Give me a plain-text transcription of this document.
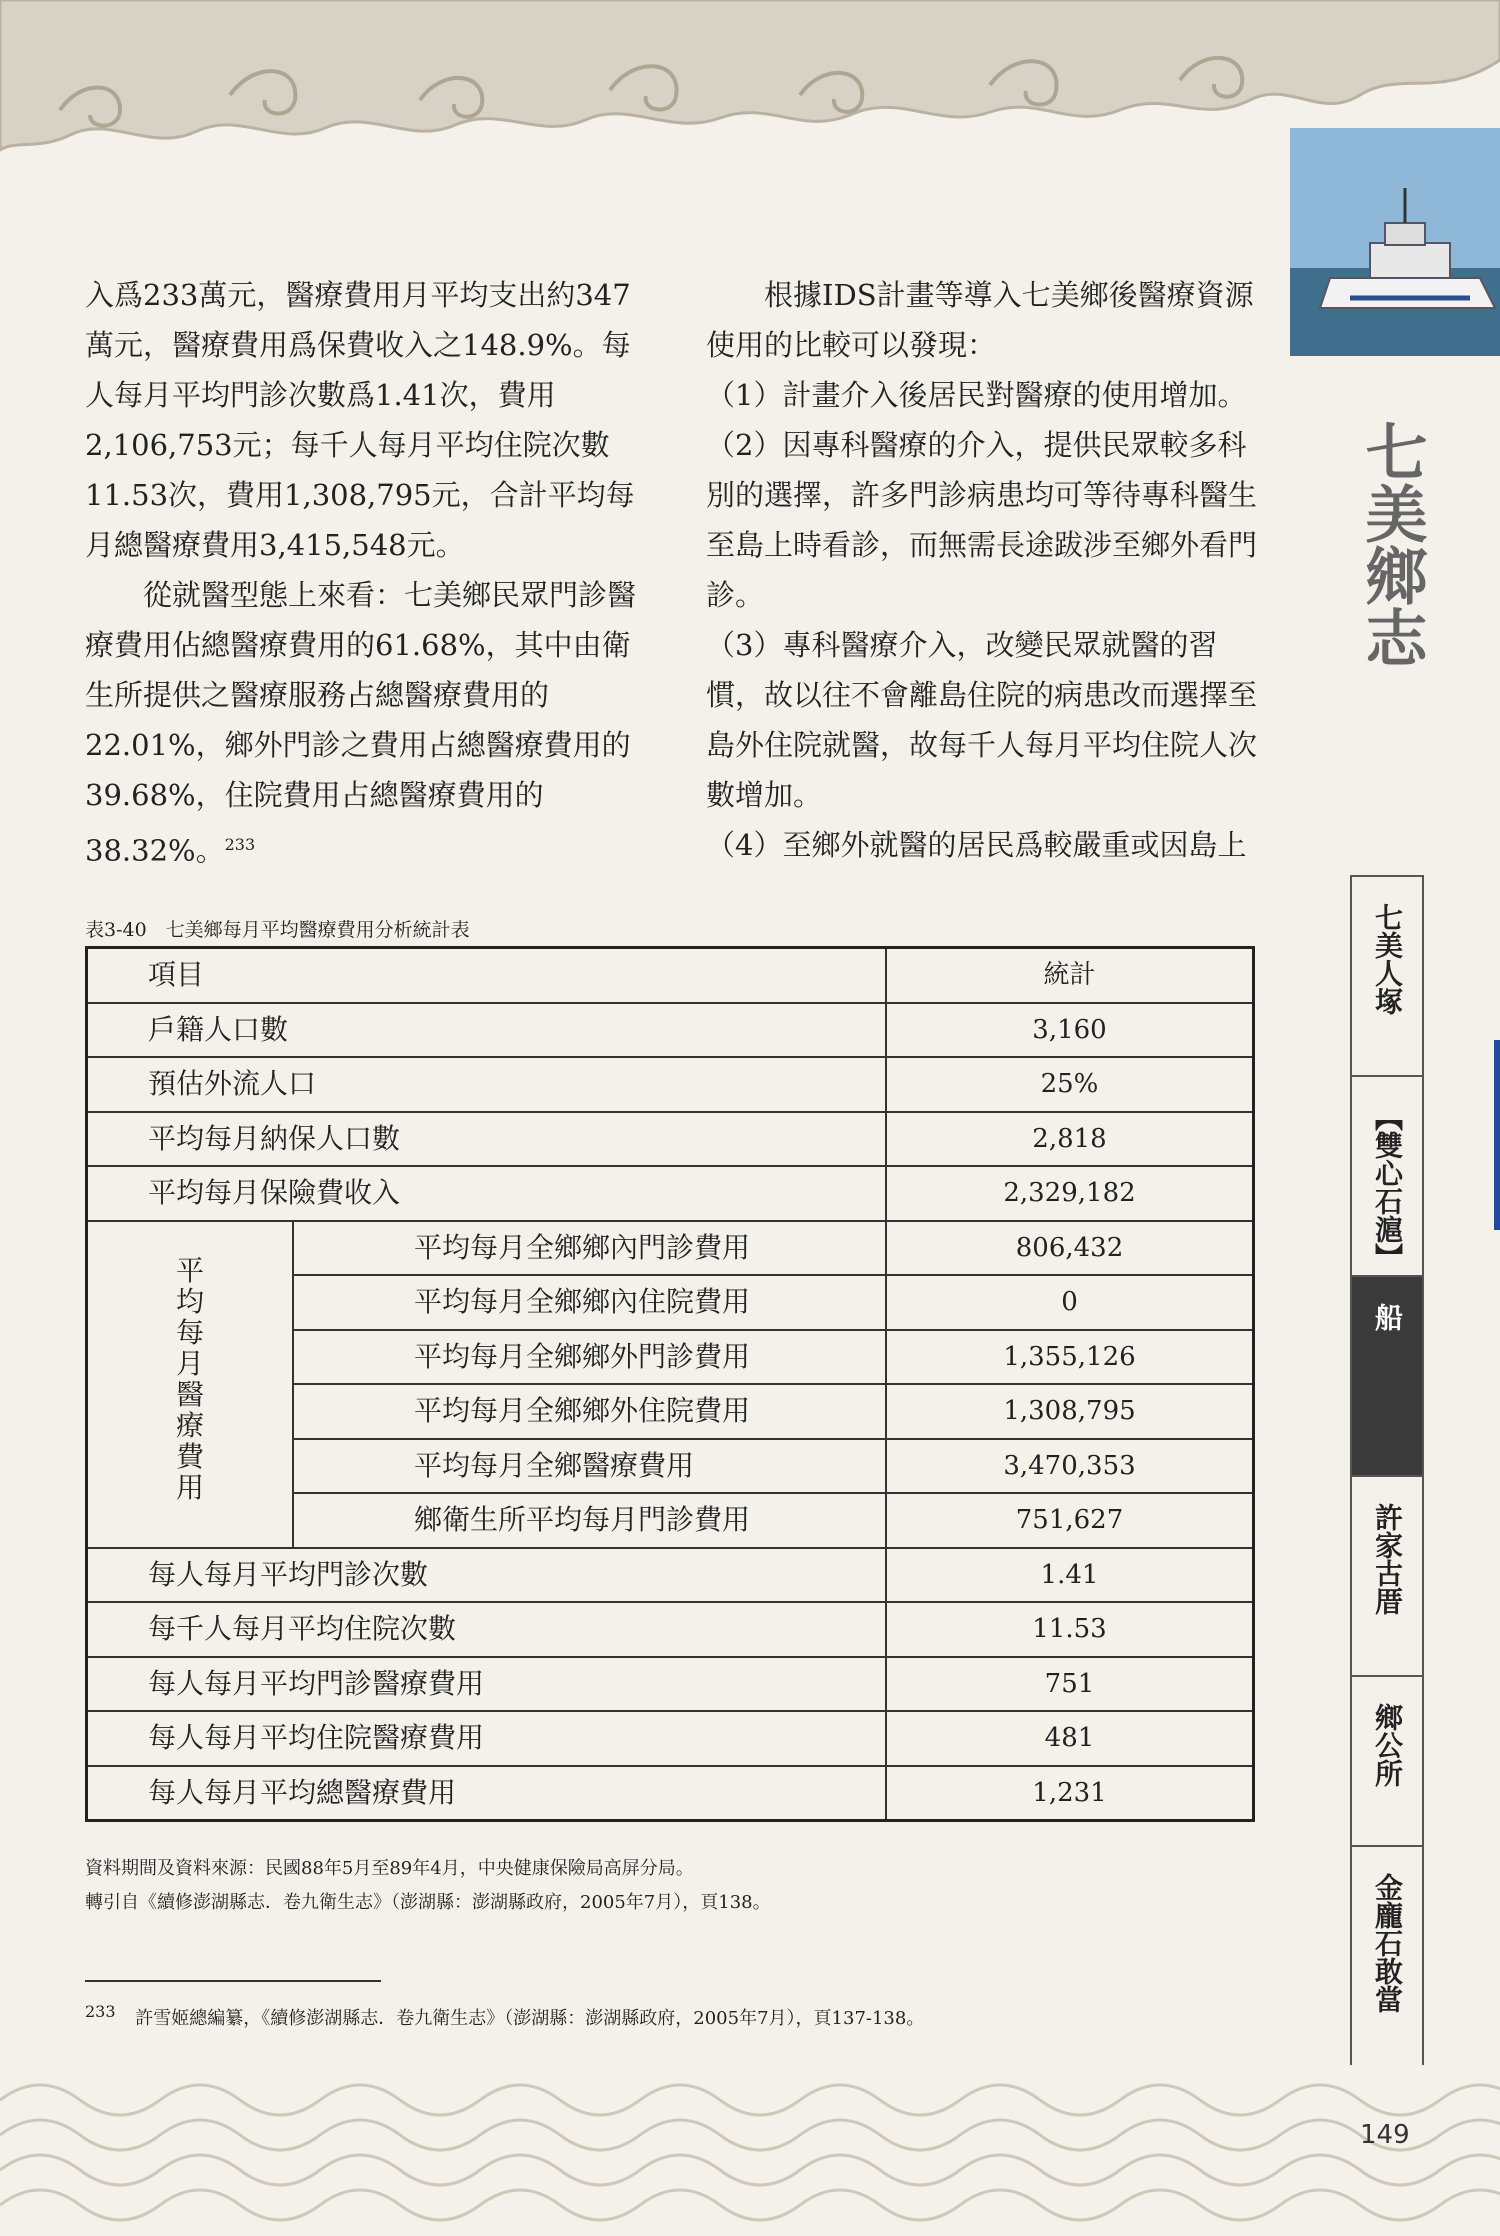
七美鄉志

入爲233萬元，醫療費用月平均支出約347萬元，醫療費用爲保費收入之148.9%。每人每月平均門診次數爲1.41次，費用2,106,753元；每千人每月平均住院次數11.53次，費用1,308,795元，合計平均每月總醫療費用3,415,548元。

從就醫型態上來看：七美鄉民眾門診醫療費用佔總醫療費用的61.68%，其中由衛生所提供之醫療服務占總醫療費用的22.01%，鄉外門診之費用占總醫療費用的39.68%，住院費用占總醫療費用的38.32%。$^{233}$

根據IDS計畫等導入七美鄉後醫療資源使用的比較可以發現：

（1）計畫介入後居民對醫療的使用增加。

（2）因專科醫療的介入，提供民眾較多科別的選擇，許多門診病患均可等待專科醫生至島上時看診，而無需長途跋涉至鄉外看門診。

（3）專科醫療介入，改變民眾就醫的習慣，故以往不會離島住院的病患改而選擇至島外住院就醫，故每千人每月平均住院人次數增加。

（4）至鄉外就醫的居民爲較嚴重或因島上

表3-40　七美鄉每月平均醫療費用分析統計表
項目		統計
戶籍人口數		3,160
預估外流人口		25%
平均每月納保人口數		2,818
平均每月保險費收入		2,329,182
平均每月醫療費用	平均每月全鄉鄉內門診費用	806,432
	平均每月全鄉鄉內住院費用	0
	平均每月全鄉鄉外門診費用	1,355,126
	平均每月全鄉鄉外住院費用	1,308,795
	平均每月全鄉醫療費用	3,470,353
	鄉衛生所平均每月門診費用	751,627
每人每月平均門診次數		1.41
每千人每月平均住院次數		11.53
每人每月平均門診醫療費用		751
每人每月平均住院醫療費用		481
每人每月平均總醫療費用		1,231
資料期間及資料來源：民國88年5月至89年4月，中央健康保險局高屏分局。
轉引自《續修澎湖縣志．卷九衛生志》（澎湖縣：澎湖縣政府，2005年7月），頁138。
$^{233}$ 許雪姬總編纂，《續修澎湖縣志．卷九衛生志》（澎湖縣：澎湖縣政府，2005年7月），頁137-138。
七美人塚
【雙心石滬】
船
許家古厝
鄉公所
金龐石敢當
149
